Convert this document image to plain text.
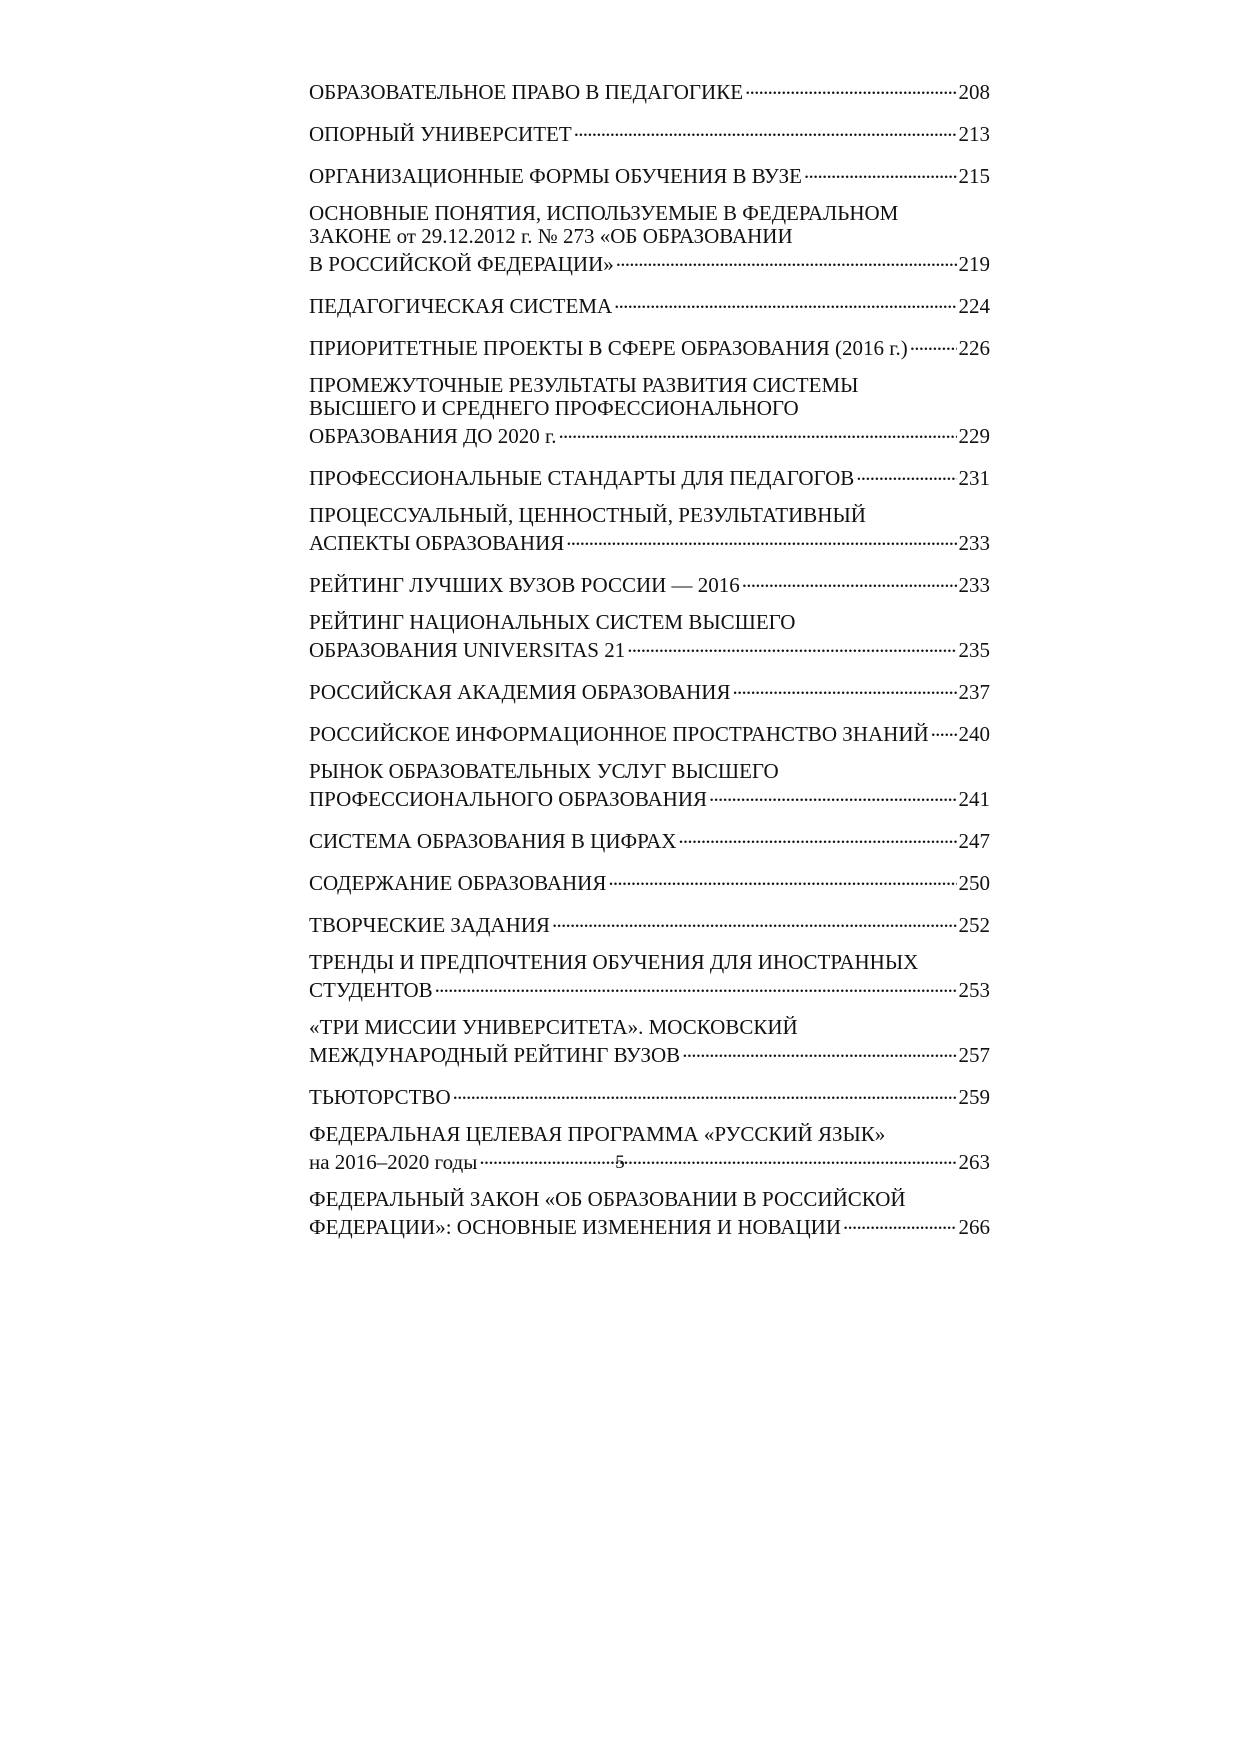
ОБРАЗОВАТЕЛЬНОЕ ПРАВО В ПЕДАГОГИКЕ . . .	208
ОПОРНЫЙ УНИВЕРСИТЕТ . . .	213
ОРГАНИЗАЦИОННЫЕ ФОРМЫ ОБУЧЕНИЯ В ВУЗЕ . . .	215
ОСНОВНЫЕ ПОНЯТИЯ, ИСПОЛЬЗУЕМЫЕ В ФЕДЕРАЛЬНОМ
ЗАКОНЕ от 29.12.2012 г. № 273 «ОБ ОБРАЗОВАНИИ
В РОССИЙСКОЙ ФЕДЕРАЦИИ» . . .	219
ПЕДАГОГИЧЕСКАЯ СИСТЕМА . . .	224
ПРИОРИТЕТНЫЕ ПРОЕКТЫ В СФЕРЕ ОБРАЗОВАНИЯ (2016 г.) . . . 226
ПРОМЕЖУТОЧНЫЕ РЕЗУЛЬТАТЫ РАЗВИТИЯ СИСТЕМЫ
ВЫСШЕГО И СРЕДНЕГО ПРОФЕССИОНАЛЬНОГО
ОБРАЗОВАНИЯ ДО 2020 г. . . .	229
ПРОФЕССИОНАЛЬНЫЕ СТАНДАРТЫ ДЛЯ ПЕДАГОГОВ . . .	231
ПРОЦЕССУАЛЬНЫЙ, ЦЕННОСТНЫЙ, РЕЗУЛЬТАТИВНЫЙ
АСПЕКТЫ ОБРАЗОВАНИЯ . . .	233
РЕЙТИНГ ЛУЧШИХ ВУЗОВ РОССИИ — 2016 . . .	233
РЕЙТИНГ НАЦИОНАЛЬНЫХ СИСТЕМ ВЫСШЕГО
ОБРАЗОВАНИЯ UNIVERSITAS 21 . . .	235
РОССИЙСКАЯ АКАДЕМИЯ ОБРАЗОВАНИЯ . . .	237
РОССИЙСКОЕ ИНФОРМАЦИОННОЕ ПРОСТРАНСТВО ЗНАНИЙ . . . 240
РЫНОК ОБРАЗОВАТЕЛЬНЫХ УСЛУГ ВЫСШЕГО
ПРОФЕССИОНАЛЬНОГО ОБРАЗОВАНИЯ . . .	241
СИСТЕМА ОБРАЗОВАНИЯ В ЦИФРАХ . . .	247
СОДЕРЖАНИЕ ОБРАЗОВАНИЯ . . .	250
ТВОРЧЕСКИЕ ЗАДАНИЯ . . .	252
ТРЕНДЫ И ПРЕДПОЧТЕНИЯ ОБУЧЕНИЯ ДЛЯ ИНОСТРАННЫХ
СТУДЕНТОВ . . .	253
«ТРИ МИССИИ УНИВЕРСИТЕТА». МОСКОВСКИЙ
МЕЖДУНАРОДНЫЙ РЕЙТИНГ ВУЗОВ . . .	257
ТЬЮТОРСТВО . . .	259
ФЕДЕРАЛЬНАЯ ЦЕЛЕВАЯ ПРОГРАММА «РУССКИЙ ЯЗЫК»
на 2016–2020 годы . . .	263
ФЕДЕРАЛЬНЫЙ ЗАКОН «ОБ ОБРАЗОВАНИИ В РОССИЙСКОЙ
ФЕДЕРАЦИИ»: ОСНОВНЫЕ ИЗМЕНЕНИЯ И НОВАЦИИ . . .	266
5
